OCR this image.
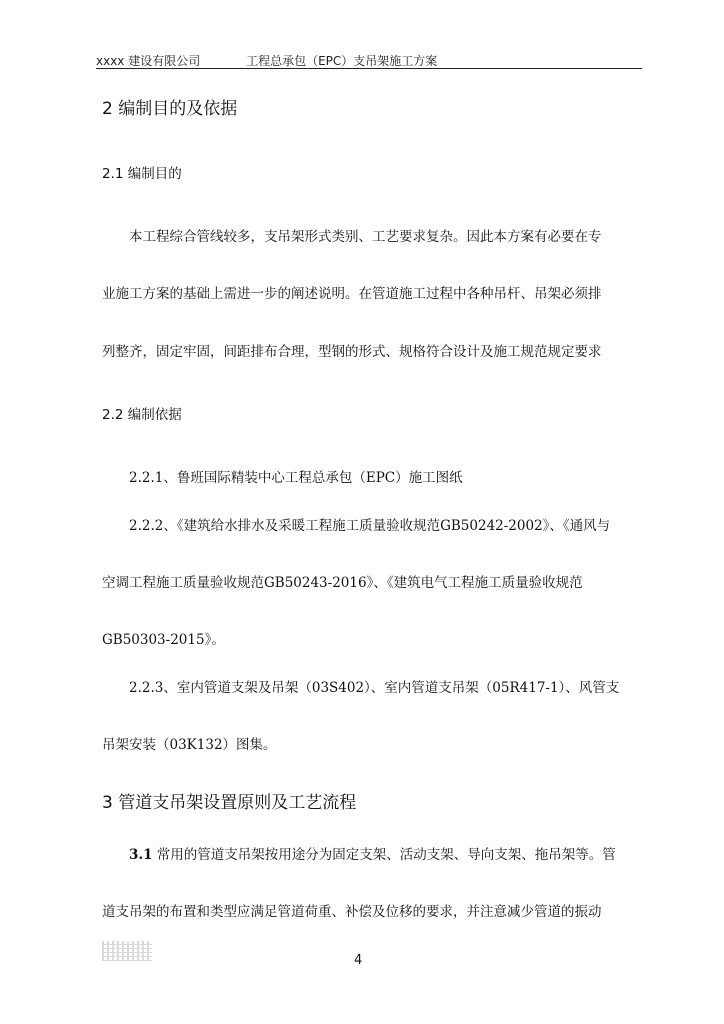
xxxx 建设有限公司	工程总承包（EPC）支吊架施工方案
2 编制目的及依据
2.1 编制目的
本工程综合管线较多，支吊架形式类别、工艺要求复杂。因此本方案有必要在专
业施工方案的基础上需进一步的阐述说明。在管道施工过程中各种吊杆、吊架必须排
列整齐，固定牢固，间距排布合理，型钢的形式、规格符合设计及施工规范规定要求
2.2 编制依据
2.2.1、鲁班国际精装中心工程总承包（EPC）施工图纸
2.2.2、《建筑给水排水及采暖工程施工质量验收规范GB50242-2002》、《通风与
空调工程施工质量验收规范GB50243-2016》、《建筑电气工程施工质量验收规范
GB50303-2015》。
2.2.3、室内管道支架及吊架（03S402）、室内管道支吊架（05R417-1）、风管支
吊架安装（03K132）图集。
3 管道支吊架设置原则及工艺流程
3.1 常用的管道支吊架按用途分为固定支架、活动支架、导向支架、拖吊架等。管
道支吊架的布置和类型应满足管道荷重、补偿及位移的要求，并注意减少管道的振动
4
